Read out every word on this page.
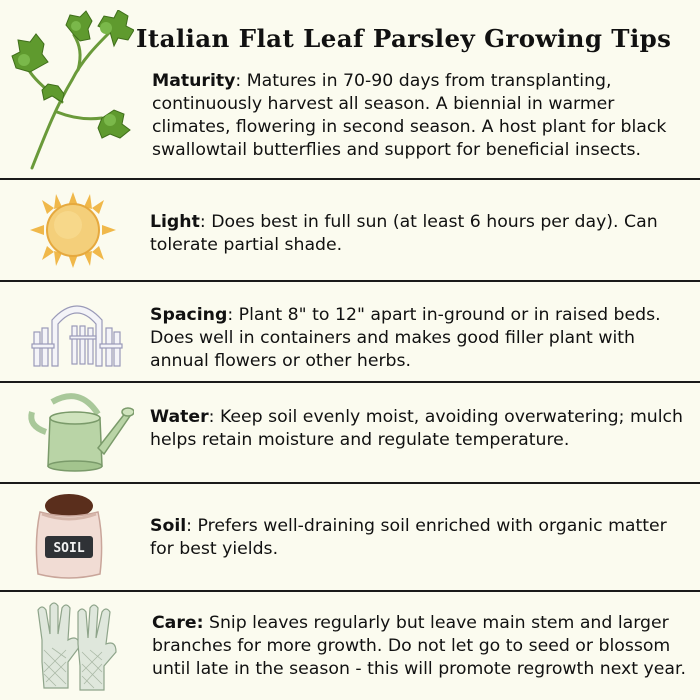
Italian Flat Leaf Parsley Growing Tips

Maturity: Matures in 70-90 days from transplanting, continuously harvest all season. A biennial in warmer climates, flowering in second season. A host plant for black swallowtail butterflies and support for beneficial insects.

Light: Does best in full sun (at least 6 hours per day). Can tolerate partial shade.

Spacing: Plant 8" to 12" apart in-ground or in raised beds. Does well in containers and makes good filler plant with annual flowers or other herbs.

Water: Keep soil evenly moist, avoiding overwatering; mulch helps retain moisture and regulate temperature.

SOIL

Soil: Prefers well-draining soil enriched with organic matter for best yields.

Care: Snip leaves regularly but leave main stem and larger branches for more growth. Do not let go to seed or blossom until late in the season - this will promote regrowth next year.
